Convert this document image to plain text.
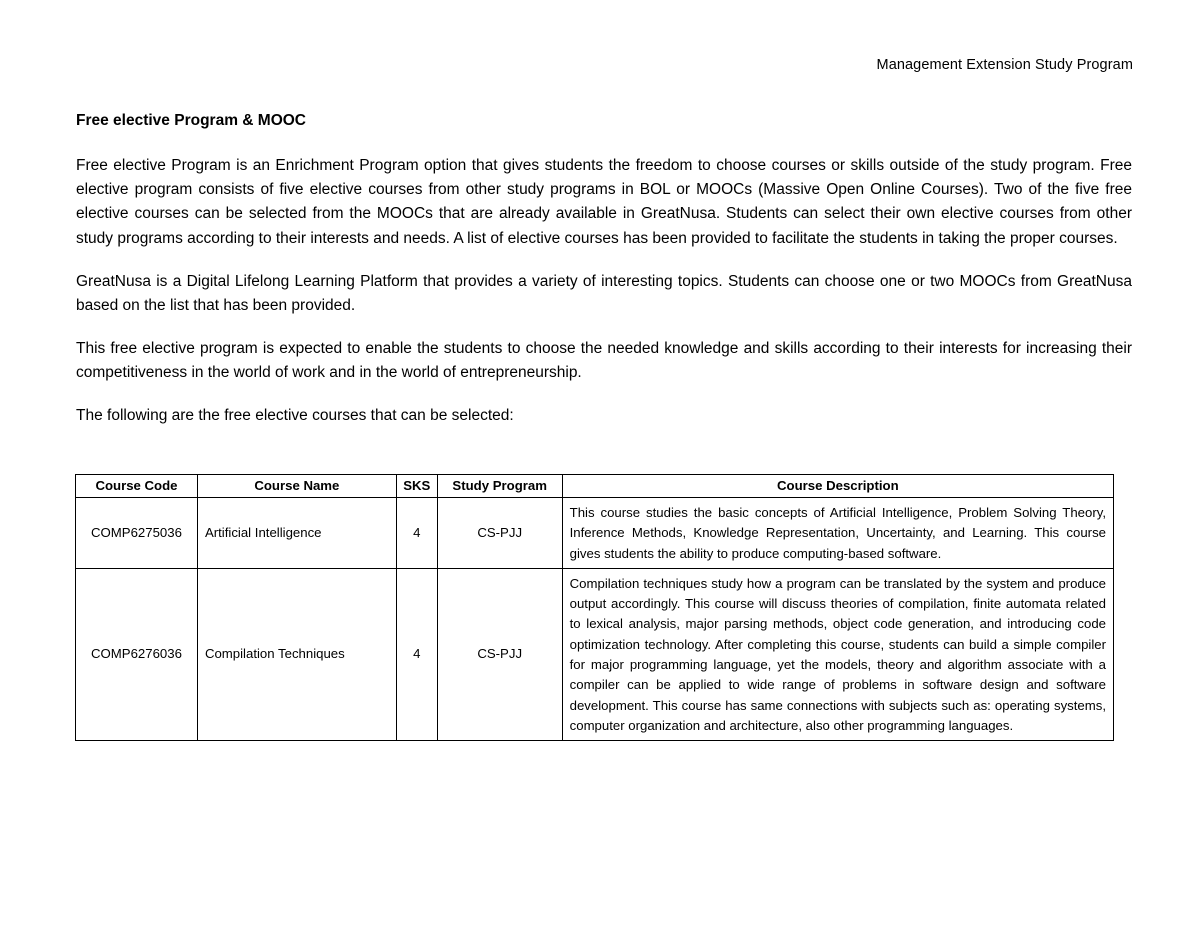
Management Extension Study Program
Free elective Program & MOOC

Free elective Program is an Enrichment Program option that gives students the freedom to choose courses or skills outside of the study program. Free elective program consists of five elective courses from other study programs in BOL or MOOCs (Massive Open Online Courses). Two of the five free elective courses can be selected from the MOOCs that are already available in GreatNusa. Students can select their own elective courses from other study programs according to their interests and needs. A list of elective courses has been provided to facilitate the students in taking the proper courses.

GreatNusa is a Digital Lifelong Learning Platform that provides a variety of interesting topics. Students can choose one or two MOOCs from GreatNusa based on the list that has been provided.

This free elective program is expected to enable the students to choose the needed knowledge and skills according to their interests for increasing their competitiveness in the world of work and in the world of entrepreneurship.

The following are the free elective courses that can be selected:

Course Code	Course Name	SKS	Study Program	Course Description
COMP6275036	Artificial Intelligence	4	CS-PJJ	This course studies the basic concepts of Artificial Intelligence, Problem Solving Theory, Inference Methods, Knowledge Representation, Uncertainty, and Learning. This course gives students the ability to produce computing-based software.
COMP6276036	Compilation Techniques	4	CS-PJJ	Compilation techniques study how a program can be translated by the system and produce output accordingly. This course will discuss theories of compilation, finite automata related to lexical analysis, major parsing methods, object code generation, and introducing code optimization technology. After completing this course, students can build a simple compiler for major programming language, yet the models, theory and algorithm associate with a compiler can be applied to wide range of problems in software design and software development. This course has same connections with subjects such as: operating systems, computer organization and architecture, also other programming languages.
